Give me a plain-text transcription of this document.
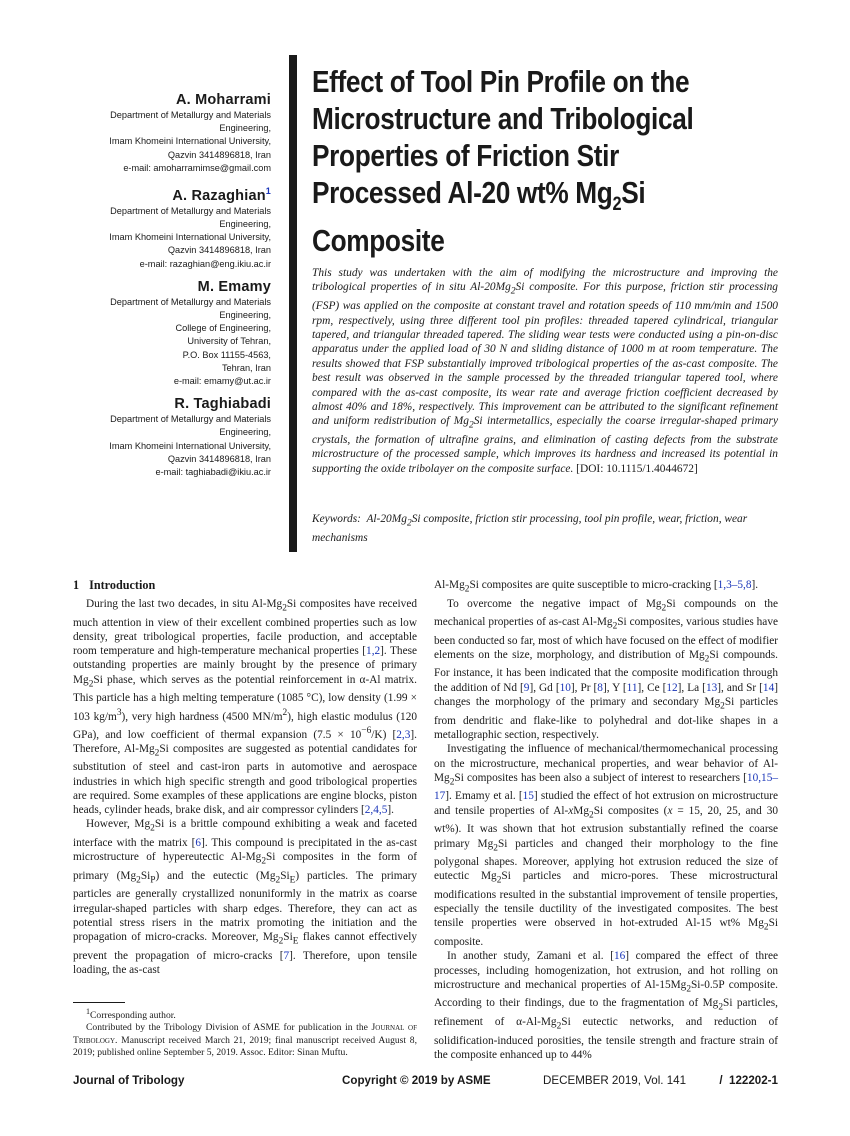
A. Moharrami
Department of Metallurgy and Materials
Engineering,
Imam Khomeini International University,
Qazvin 3414896818, Iran
e-mail: amoharramimse@gmail.com
A. Razaghian$^1$
Department of Metallurgy and Materials
Engineering,
Imam Khomeini International University,
Qazvin 3414896818, Iran
e-mail: razaghian@eng.ikiu.ac.ir
M. Emamy
Department of Metallurgy and Materials
Engineering,
College of Engineering,
University of Tehran,
P.O. Box 11155-4563,
Tehran, Iran
e-mail: emamy@ut.ac.ir
R. Taghiabadi
Department of Metallurgy and Materials
Engineering,
Imam Khomeini International University,
Qazvin 3414896818, Iran
e-mail: taghiabadi@ikiu.ac.ir
Effect of Tool Pin Profile on the
Microstructure and Tribological
Properties of Friction Stir
Processed Al-20 wt% $Mg_2Si$
Composite
This study was undertaken with the aim of modifying the microstructure and improving the tribological properties of in situ $Al-20Mg_2Si$ composite. For this purpose, friction stir processing (FSP) was applied on the composite at constant travel and rotation speeds of 110 mm/min and 1500 rpm, respectively, using three different tool pin profiles: threaded tapered cylindrical, triangular tapered, and triangular threaded tapered. The sliding wear tests were conducted using a pin-on-disc apparatus under the applied load of 30 N and sliding distance of 1000 m at room temperature. The results showed that FSP substantially improved tribological properties of the as-cast composite. The best result was observed in the sample processed by the threaded triangular tapered tool, where compared with the as-cast composite, its wear rate and average friction coefficient decreased by almost 40% and 18%, respectively. This improvement can be attributed to the significant refinement and uniform redistribution of $Mg_2Si$ intermetallics, especially the coarse irregular-shaped primary crystals, the formation of ultrafine grains, and elimination of casting defects from the substrate microstructure of the processed sample, which improves its hardness and increased its potential in supporting the oxide tribolayer on the composite surface. [DOI: 10.1115/1.4044672]
Keywords: $Al-20Mg_2Si$ composite, friction stir processing, tool pin profile, wear, friction, wear mechanisms
1 Introduction

During the last two decades, in situ $Al-Mg_2Si$ composites have received much attention in view of their excellent combined properties such as low density, great tribological properties, facile production, and acceptable room temperature and high-temperature mechanical properties [1,2]. These outstanding properties are mainly brought by the presence of primary $Mg_2Si$ phase, which serves as the potential reinforcement in α-Al matrix. This particle has a high melting temperature (1085 °C), low density (1.99 × 103 $kg/m^3$), very high hardness (4500 $MN/m^2$), high elastic modulus (120 GPa), and low coefficient of thermal expansion $(7.5 \times 10^{-6}/K)$ [2,3]. Therefore, $Al-Mg_2Si$ composites are suggested as potential candidates for substitution of steel and cast-iron parts in automotive and aerospace industries in which high specific strength and good tribological properties are required. Some examples of these applications are engine blocks, piston heads, cylinder heads, brake disk, and air compressor cylinders [2,4,5].

However, $Mg_2Si$ is a brittle compound exhibiting a weak and faceted interface with the matrix [6]. This compound is precipitated in the as-cast microstructure of hypereutectic $Al-Mg_2Si$ composites in the form of primary $(Mg_2Si_P)$ and the eutectic $(Mg_2Si_E)$ particles. The primary particles are generally crystallized nonuniformly in the matrix as coarse irregular-shaped particles with sharp edges. Therefore, they can act as potential stress risers in the matrix promoting the initiation and the propagation of micro-cracks. Moreover, $Mg_2Si_E$ flakes cannot effectively prevent the propagation of micro-cracks [7]. Therefore, upon tensile loading, the as-cast

$^1$Corresponding author.

Contributed by the Tribology Division of ASME for publication in the Journal of Tribology. Manuscript received March 21, 2019; final manuscript received August 8, 2019; published online September 5, 2019. Assoc. Editor: Sinan Muftu.

$Al-Mg_2Si$ composites are quite susceptible to micro-cracking [1,3–5,8].

To overcome the negative impact of $Mg_2Si$ compounds on the mechanical properties of as-cast $Al-Mg_2Si$ composites, various studies have been conducted so far, most of which have focused on the effect of modifier elements on the size, morphology, and distribution of $Mg_2Si$ compounds. For instance, it has been indicated that the composite modification through the addition of Nd [9], Gd [10], Pr [8], Y [11], Ce [12], La [13], and Sr [14] changes the morphology of the primary and secondary $Mg_2Si$ particles from dendritic and flake-like to polyhedral and dot-like shapes in a metallographic section, respectively.

Investigating the influence of mechanical/thermomechanical processing on the microstructure, mechanical properties, and wear behavior of $Al-Mg_2Si$ composites has been also a subject of interest to researchers [10,15–17]. Emamy et al. [15] studied the effect of hot extrusion on microstructure and tensile properties of Al-xMg$_2$Si composites (x = 15, 20, 25, and 30 wt%). It was shown that hot extrusion substantially refined the coarse primary $Mg_2Si$ particles and changed their morphology to the fine polygonal shapes. Moreover, applying hot extrusion reduced the size of eutectic $Mg_2Si$ particles and micro-pores. These microstructural modifications resulted in the substantial improvement of tensile properties, especially the tensile ductility of the investigated composites. The best tensile properties were observed in hot-extruded Al-15 wt% $Mg_2Si$ composite.

In another study, Zamani et al. [16] compared the effect of three processes, including homogenization, hot extrusion, and hot rolling on microstructure and mechanical properties of $Al-15Mg_2Si-0.5P$ composite. According to their findings, due to the fragmentation of $Mg_2Si$ particles, refinement of $\alpha-Al-Mg_2Si$ eutectic networks, and reduction of solidification-induced porosities, the tensile strength and fracture strain of the composite enhanced up to 44%

Journal of Tribology	Copyright © 2019 by ASME	DECEMBER 2019, Vol. 141	/ 122202-1
